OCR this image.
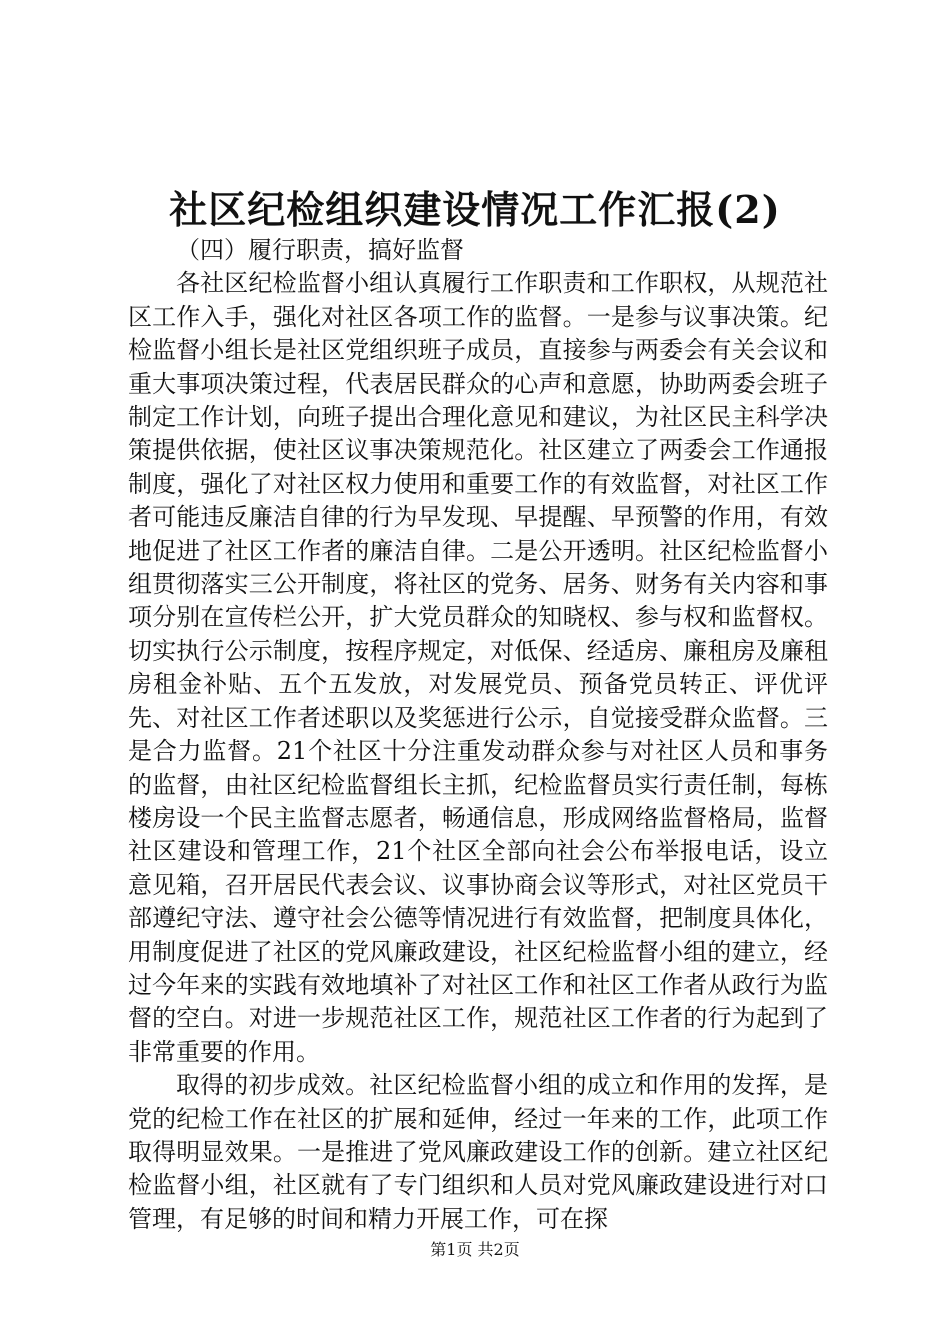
社区纪检组织建设情况工作汇报(2)

（四）履行职责，搞好监督

各社区纪检监督小组认真履行工作职责和工作职权，从规范社区工作入手，强化对社区各项工作的监督。一是参与议事决策。纪检监督小组长是社区党组织班子成员，直接参与两委会有关会议和重大事项决策过程，代表居民群众的心声和意愿，协助两委会班子制定工作计划，向班子提出合理化意见和建议，为社区民主科学决策提供依据，使社区议事决策规范化。社区建立了两委会工作通报制度，强化了对社区权力使用和重要工作的有效监督，对社区工作者可能违反廉洁自律的行为早发现、早提醒、早预警的作用，有效地促进了社区工作者的廉洁自律。二是公开透明。社区纪检监督小组贯彻落实三公开制度，将社区的党务、居务、财务有关内容和事项分别在宣传栏公开，扩大党员群众的知晓权、参与权和监督权。切实执行公示制度，按程序规定，对低保、经适房、廉租房及廉租房租金补贴、五个五发放，对发展党员、预备党员转正、评优评先、对社区工作者述职以及奖惩进行公示，自觉接受群众监督。三是合力监督。21个社区十分注重发动群众参与对社区人员和事务的监督，由社区纪检监督组长主抓，纪检监督员实行责任制，每栋楼房设一个民主监督志愿者，畅通信息，形成网络监督格局，监督社区建设和管理工作，21个社区全部向社会公布举报电话，设立意见箱，召开居民代表会议、议事协商会议等形式，对社区党员干部遵纪守法、遵守社会公德等情况进行有效监督，把制度具体化，用制度促进了社区的党风廉政建设，社区纪检监督小组的建立，经过今年来的实践有效地填补了对社区工作和社区工作者从政行为监督的空白。对进一步规范社区工作，规范社区工作者的行为起到了非常重要的作用。

取得的初步成效。社区纪检监督小组的成立和作用的发挥，是党的纪检工作在社区的扩展和延伸，经过一年来的工作，此项工作取得明显效果。一是推进了党风廉政建设工作的创新。建立社区纪检监督小组，社区就有了专门组织和人员对党风廉政建设进行对口管理，有足够的时间和精力开展工作，可在探

第1页 共2页
